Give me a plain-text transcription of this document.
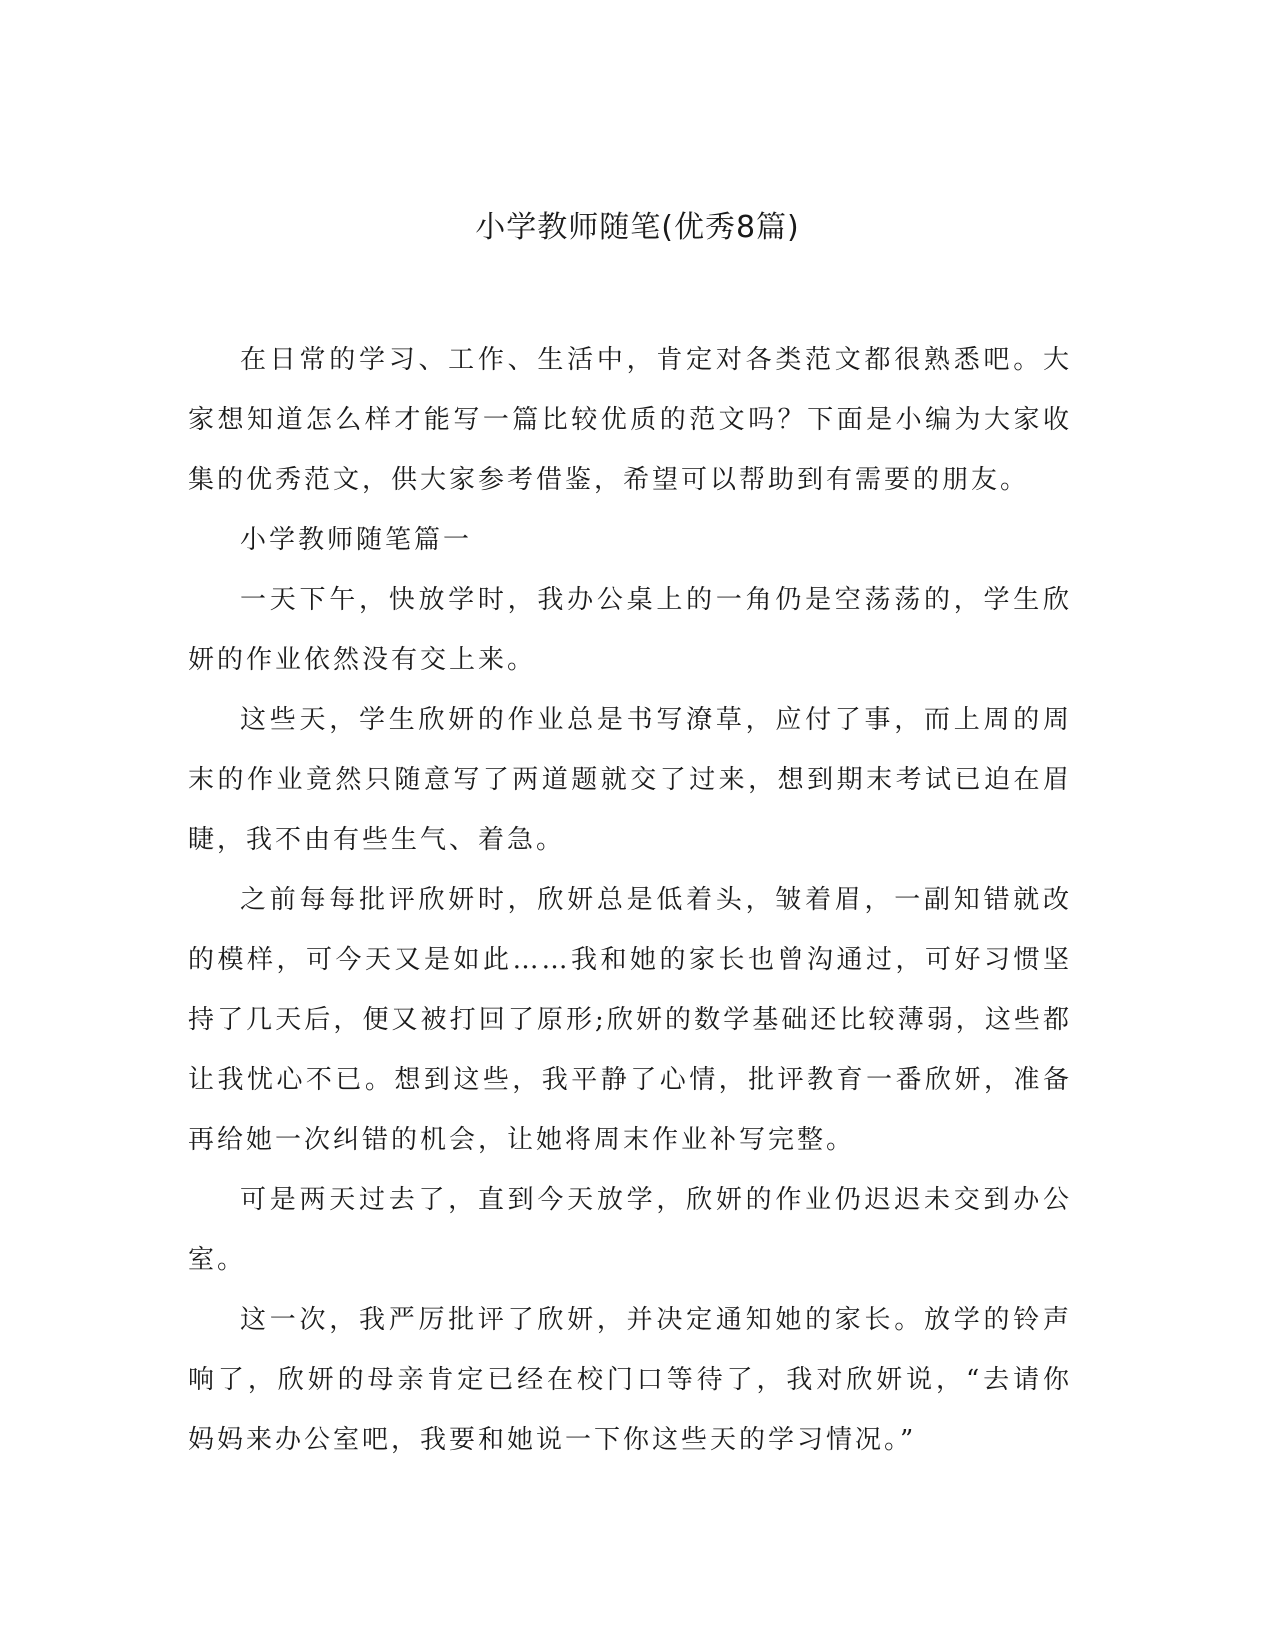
小学教师随笔(优秀8篇)

在日常的学习、工作、生活中，肯定对各类范文都很熟悉吧。大家想知道怎么样才能写一篇比较优质的范文吗？下面是小编为大家收集的优秀范文，供大家参考借鉴，希望可以帮助到有需要的朋友。

小学教师随笔篇一

一天下午，快放学时，我办公桌上的一角仍是空荡荡的，学生欣妍的作业依然没有交上来。

这些天，学生欣妍的作业总是书写潦草，应付了事，而上周的周末的作业竟然只随意写了两道题就交了过来，想到期末考试已迫在眉睫，我不由有些生气、着急。

之前每每批评欣妍时，欣妍总是低着头，皱着眉，一副知错就改的模样，可今天又是如此……我和她的家长也曾沟通过，可好习惯坚持了几天后，便又被打回了原形;欣妍的数学基础还比较薄弱，这些都让我忧心不已。想到这些，我平静了心情，批评教育一番欣妍，准备再给她一次纠错的机会，让她将周末作业补写完整。

可是两天过去了，直到今天放学，欣妍的作业仍迟迟未交到办公室。

这一次，我严厉批评了欣妍，并决定通知她的家长。放学的铃声响了，欣妍的母亲肯定已经在校门口等待了，我对欣妍说，“去请你妈妈来办公室吧，我要和她说一下你这些天的学习情况。”
